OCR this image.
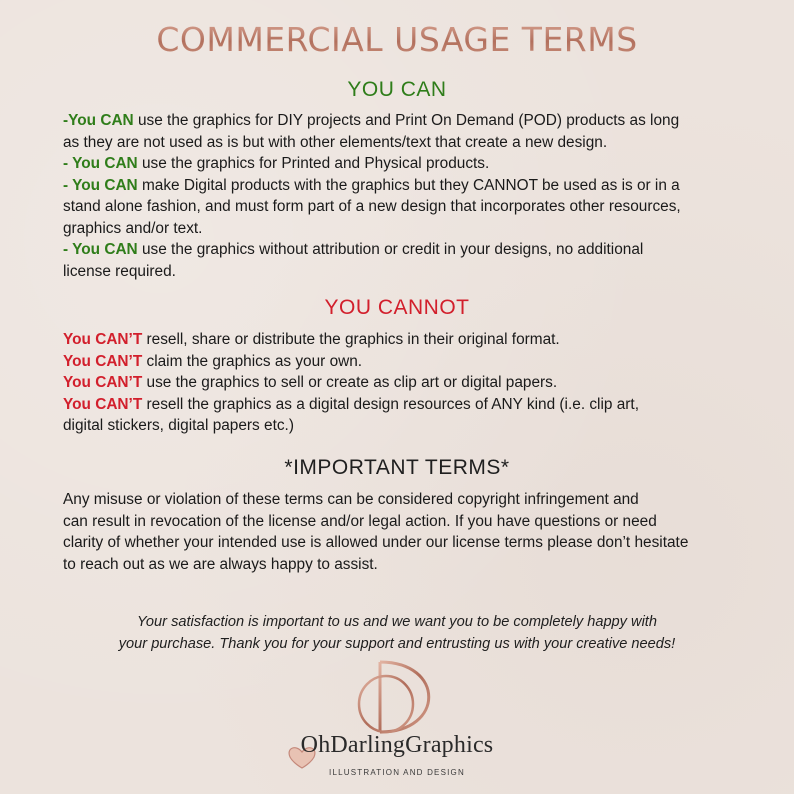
COMMERCIAL USAGE TERMS
YOU CAN
-You CAN use the graphics for DIY projects and Print On Demand (POD) products as long
as they are not used as is but with other elements/text that create a new design.
- You CAN use the graphics for Printed and Physical products.
- You CAN make Digital products with the graphics but they CANNOT be used as is or in a
stand alone fashion, and must form part of a new design that incorporates other resources,
graphics and/or text.
- You CAN use the graphics without attribution or credit in your designs, no additional
license required.
YOU CANNOT
You CAN’T resell, share or distribute the graphics in their original format.
You CAN’T claim the graphics as your own.
You CAN’T use the graphics to sell or create as clip art or digital papers.
You CAN’T resell the graphics as a digital design resources of ANY kind (i.e. clip art,
digital stickers, digital papers etc.)
*IMPORTANT TERMS*
Any misuse or violation of these terms can be considered copyright infringement and
can result in revocation of the license and/or legal action. If you have questions or need
clarity of whether your intended use is allowed under our license terms please don’t hesitate
to reach out as we are always happy to assist.
Your satisfaction is important to us and we want you to be completely happy with
your purchase. Thank you for your support and entrusting us with your creative needs!
OhDarlingGraphics
ILLUSTRATION AND DESIGN
